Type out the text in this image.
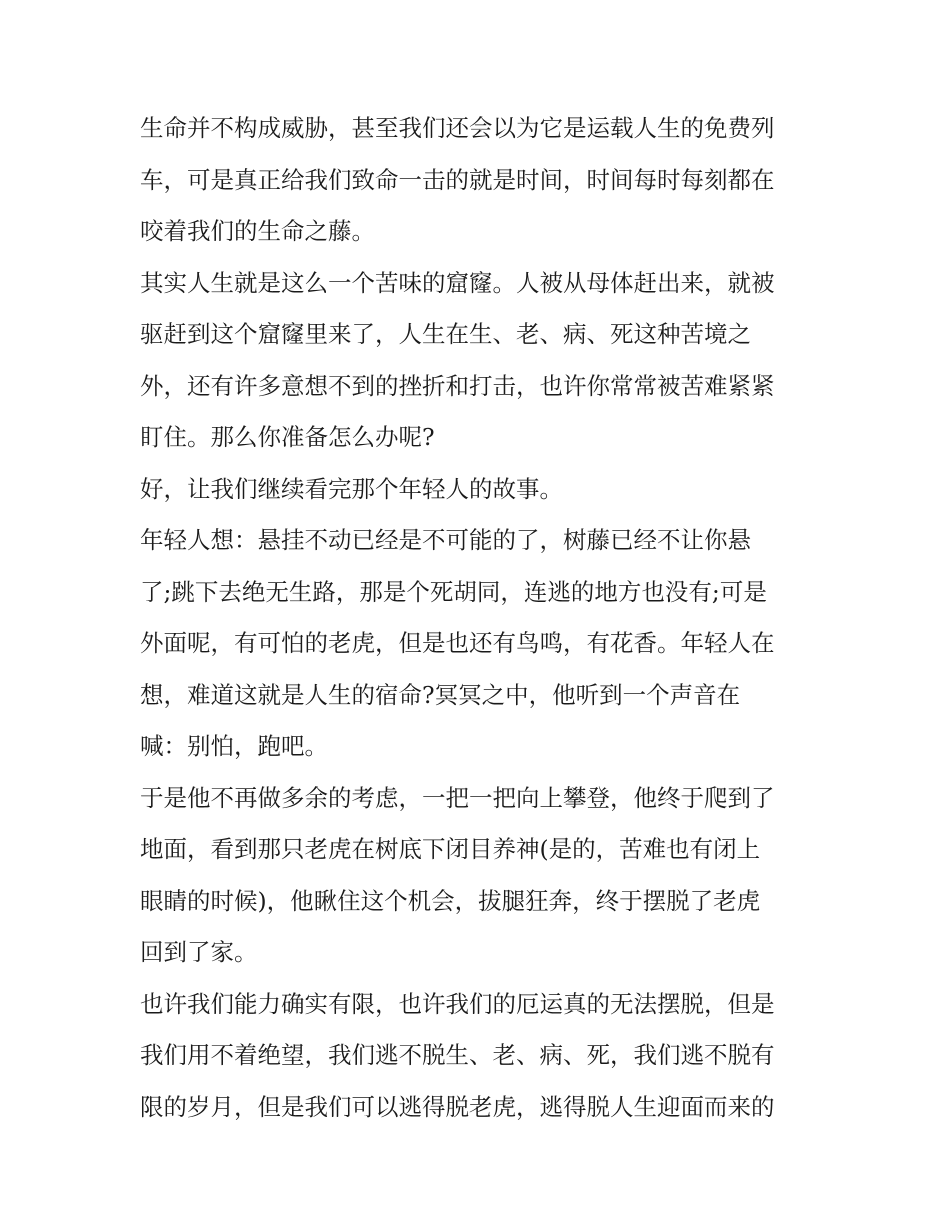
生命并不构成威胁，甚至我们还会以为它是运载人生的免费列
车，可是真正给我们致命一击的就是时间，时间每时每刻都在
咬着我们的生命之藤。
其实人生就是这么一个苦味的窟窿。人被从母体赶出来，就被
驱赶到这个窟窿里来了，人生在生、老、病、死这种苦境之
外，还有许多意想不到的挫折和打击，也许你常常被苦难紧紧
盯住。那么你准备怎么办呢?
好，让我们继续看完那个年轻人的故事。
年轻人想：悬挂不动已经是不可能的了，树藤已经不让你悬
了;跳下去绝无生路，那是个死胡同，连逃的地方也没有;可是
外面呢，有可怕的老虎，但是也还有鸟鸣，有花香。年轻人在
想，难道这就是人生的宿命?冥冥之中，他听到一个声音在
喊：别怕，跑吧。
于是他不再做多余的考虑，一把一把向上攀登，他终于爬到了
地面，看到那只老虎在树底下闭目养神(是的，苦难也有闭上
眼睛的时候)，他瞅住这个机会，拔腿狂奔，终于摆脱了老虎
回到了家。
也许我们能力确实有限，也许我们的厄运真的无法摆脱，但是
我们用不着绝望，我们逃不脱生、老、病、死，我们逃不脱有
限的岁月，但是我们可以逃得脱老虎，逃得脱人生迎面而来的
